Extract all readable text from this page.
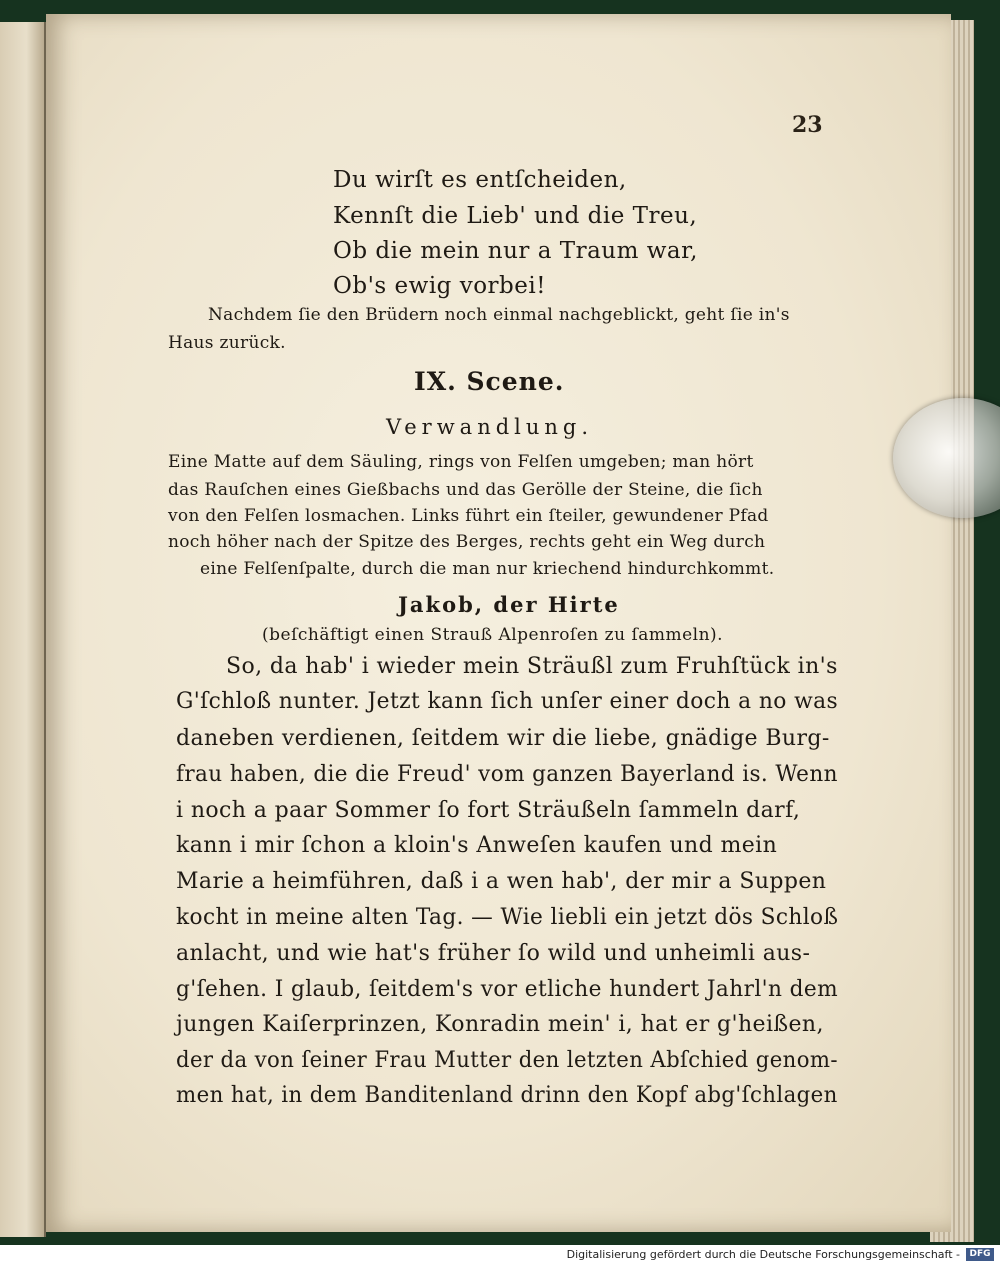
23
Du wirſt es entſcheiden,
Kennſt die Lieb' und die Treu,
Ob die mein nur a Traum war,
Ob's ewig vorbei!
Nachdem ſie den Brüdern noch einmal nachgeblickt, geht ſie in's
Haus zurück.
IX. Scene.
Verwandlung.
Eine Matte auf dem Säuling, rings von Felſen umgeben; man hört
das Rauſchen eines Gießbachs und das Gerölle der Steine, die ſich
von den Felſen losmachen. Links führt ein ſteiler, gewundener Pfad
noch höher nach der Spitze des Berges, rechts geht ein Weg durch
eine Felſenſpalte, durch die man nur kriechend hindurchkommt.
Jakob, der Hirte
(beſchäftigt einen Strauß Alpenroſen zu ſammeln).
So, da hab' i wieder mein Sträußl zum Fruhſtück in's
G'ſchloß nunter. Jetzt kann ſich unſer einer doch a no was
daneben verdienen, ſeitdem wir die liebe, gnädige Burg-
frau haben, die die Freud' vom ganzen Bayerland is. Wenn
i noch a paar Sommer ſo fort Sträußeln ſammeln darf,
kann i mir ſchon a kloin's Anweſen kaufen und mein
Marie a heimführen, daß i a wen hab', der mir a Suppen
kocht in meine alten Tag. — Wie liebli ein jetzt dös Schloß
anlacht, und wie hat's früher ſo wild und unheimli aus-
g'ſehen. I glaub, ſeitdem's vor etliche hundert Jahrl'n dem
jungen Kaiſerprinzen, Konradin mein' i, hat er g'heißen,
der da von ſeiner Frau Mutter den letzten Abſchied genom-
men hat, in dem Banditenland drinn den Kopf abg'ſchlagen
Digitalisierung gefördert durch die Deutsche Forschungsgemeinschaft -	DFG
